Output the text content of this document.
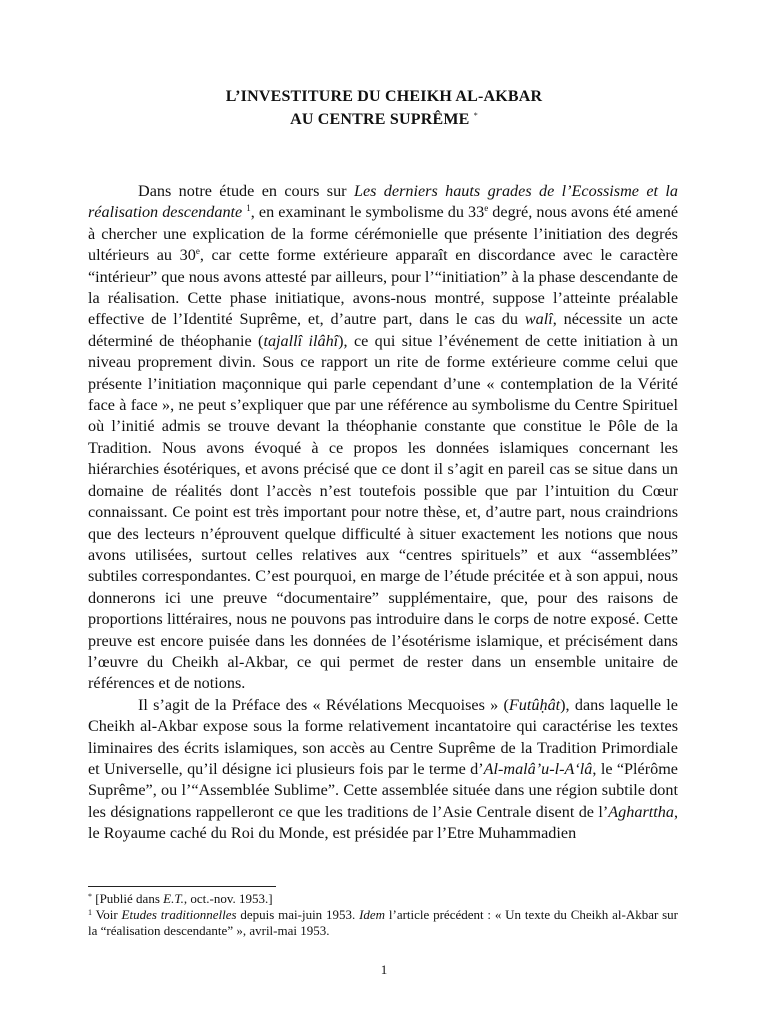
L’INVESTITURE DU CHEIKH AL-AKBAR
AU CENTRE SUPRÊME *

Dans notre étude en cours sur Les derniers hauts grades de l’Ecossisme et la réalisation descendante $^1$, en examinant le symbolisme du 33e degré, nous avons été amené à chercher une explication de la forme cérémonielle que présente l’initiation des degrés ultérieurs au 30e, car cette forme extérieure apparaît en discordance avec le caractère “intérieur” que nous avons attesté par ailleurs, pour l’“initiation” à la phase descendante de la réalisation. Cette phase initiatique, avons-nous montré, suppose l’atteinte préalable effective de l’Identité Suprême, et, d’autre part, dans le cas du walî, nécessite un acte déterminé de théophanie (tajallî ilâhî), ce qui situe l’événement de cette initiation à un niveau proprement divin. Sous ce rapport un rite de forme extérieure comme celui que présente l’initiation maçonnique qui parle cependant d’une « contemplation de la Vérité face à face », ne peut s’expliquer que par une référence au symbolisme du Centre Spirituel où l’initié admis se trouve devant la théophanie constante que constitue le Pôle de la Tradition. Nous avons évoqué à ce propos les données islamiques concernant les hiérarchies ésotériques, et avons précisé que ce dont il s’agit en pareil cas se situe dans un domaine de réalités dont l’accès n’est toutefois possible que par l’intuition du Cœur connaissant. Ce point est très important pour notre thèse, et, d’autre part, nous craindrions que des lecteurs n’éprouvent quelque difficulté à situer exactement les notions que nous avons utilisées, surtout celles relatives aux “centres spirituels” et aux “assemblées” subtiles correspondantes. C’est pourquoi, en marge de l’étude précitée et à son appui, nous donnerons ici une preuve “documentaire” supplémentaire, que, pour des raisons de proportions littéraires, nous ne pouvons pas introduire dans le corps de notre exposé. Cette preuve est encore puisée dans les données de l’ésotérisme islamique, et précisément dans l’œuvre du Cheikh al-Akbar, ce qui permet de rester dans un ensemble unitaire de références et de notions.

Il s’agit de la Préface des « Révélations Mecquoises » (Futûḥât), dans laquelle le Cheikh al-Akbar expose sous la forme relativement incantatoire qui caractérise les textes liminaires des écrits islamiques, son accès au Centre Suprême de la Tradition Primordiale et Universelle, qu’il désigne ici plusieurs fois par le terme d’Al-malâ’u-l-A‘lâ, le “Plérôme Suprême”, ou l’“Assemblée Sublime”. Cette assemblée située dans une région subtile dont les désignations rappelleront ce que les traditions de l’Asie Centrale disent de l’Agharttha, le Royaume caché du Roi du Monde, est présidée par l’Etre Muhammadien

* [Publié dans E.T., oct.-nov. 1953.]

$^1$ Voir Etudes traditionnelles depuis mai-juin 1953. Idem l’article précédent : « Un texte du Cheikh al-Akbar sur la “réalisation descendante” », avril-mai 1953.

1
